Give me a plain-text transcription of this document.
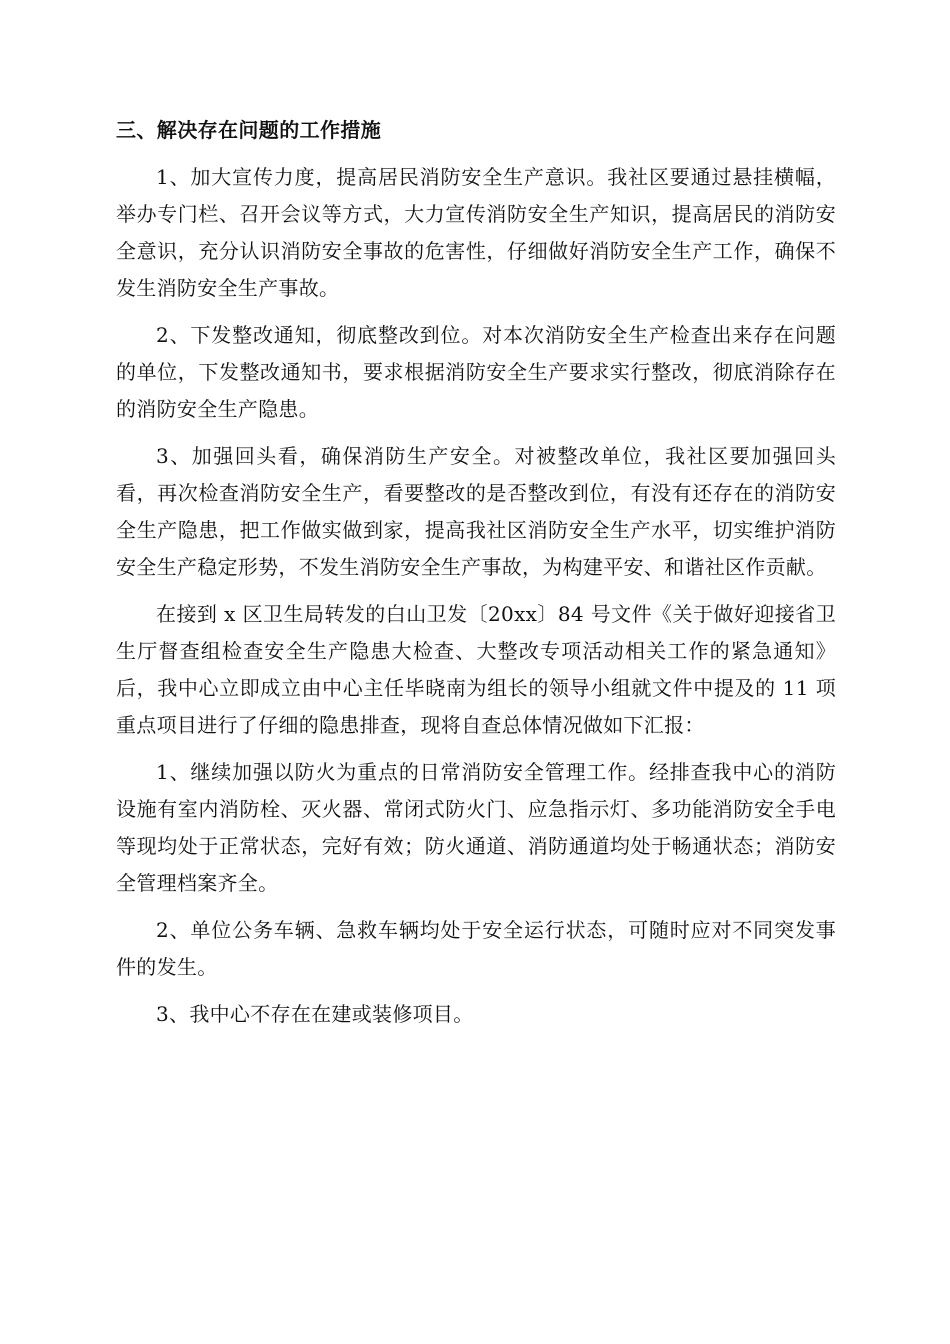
三、解决存在问题的工作措施

1、加大宣传力度，提高居民消防安全生产意识。我社区要通过悬挂横幅，举办专门栏、召开会议等方式，大力宣传消防安全生产知识，提高居民的消防安全意识，充分认识消防安全事故的危害性，仔细做好消防安全生产工作，确保不发生消防安全生产事故。

2、下发整改通知，彻底整改到位。对本次消防安全生产检查出来存在问题的单位，下发整改通知书，要求根据消防安全生产要求实行整改，彻底消除存在的消防安全生产隐患。

3、加强回头看，确保消防生产安全。对被整改单位，我社区要加强回头看，再次检查消防安全生产，看要整改的是否整改到位，有没有还存在的消防安全生产隐患，把工作做实做到家，提高我社区消防安全生产水平，切实维护消防安全生产稳定形势，不发生消防安全生产事故，为构建平安、和谐社区作贡献。

在接到 x 区卫生局转发的白山卫发〔20xx〕84 号文件《关于做好迎接省卫生厅督查组检查安全生产隐患大检查、大整改专项活动相关工作的紧急通知》后，我中心立即成立由中心主任毕晓南为组长的领导小组就文件中提及的 11 项重点项目进行了仔细的隐患排查，现将自查总体情况做如下汇报：

1、继续加强以防火为重点的日常消防安全管理工作。经排查我中心的消防设施有室内消防栓、灭火器、常闭式防火门、应急指示灯、多功能消防安全手电等现均处于正常状态，完好有效；防火通道、消防通道均处于畅通状态；消防安全管理档案齐全。

2、单位公务车辆、急救车辆均处于安全运行状态，可随时应对不同突发事件的发生。

3、我中心不存在在建或装修项目。
